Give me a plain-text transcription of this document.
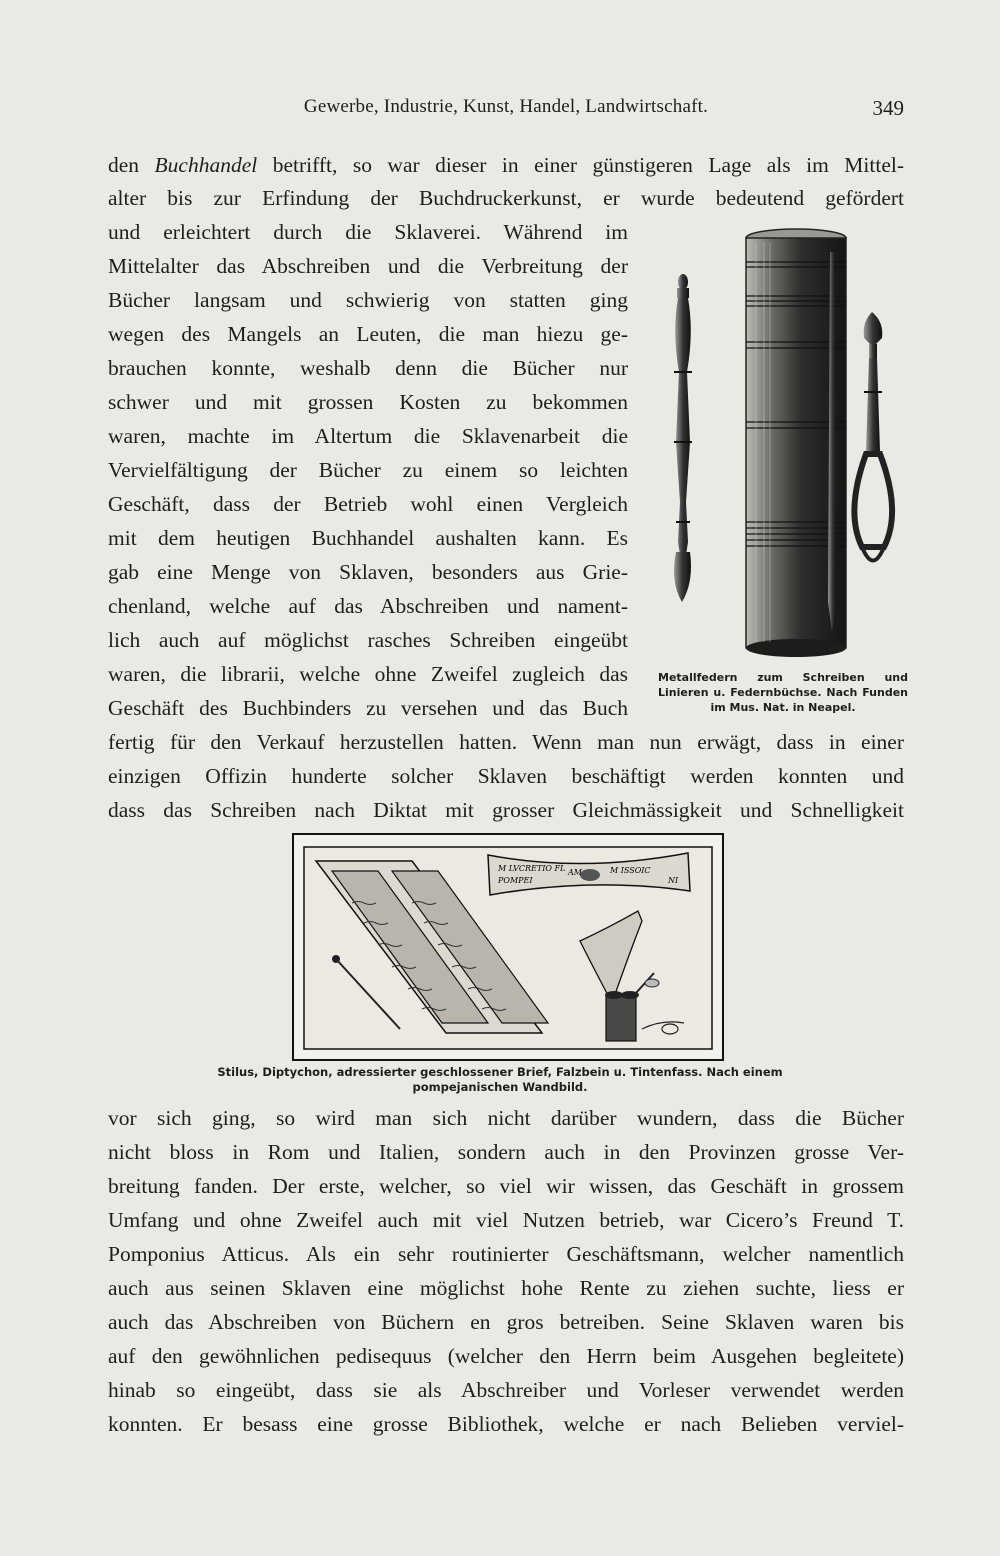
Gewerbe, Industrie, Kunst, Handel, Landwirtschaft.	349
den Buchhandel betrifft, so war dieser in einer günstigeren Lage als im Mittel-
alter bis zur Erfindung der Buchdruckerkunst, er wurde bedeutend gefördert
und erleichtert durch die Sklaverei. Während im
Mittelalter das Abschreiben und die Verbreitung der
Bücher langsam und schwierig von statten ging
wegen des Mangels an Leuten, die man hiezu ge-
brauchen konnte, weshalb denn die Bücher nur
schwer und mit grossen Kosten zu bekommen
waren, machte im Altertum die Sklavenarbeit die
Vervielfältigung der Bücher zu einem so leichten
Geschäft, dass der Betrieb wohl einen Vergleich
mit dem heutigen Buchhandel aushalten kann. Es
gab eine Menge von Sklaven, besonders aus Grie-
chenland, welche auf das Abschreiben und nament-
lich auch auf möglichst rasches Schreiben eingeübt
waren, die librarii, welche ohne Zweifel zugleich das
Geschäft des Buchbinders zu versehen und das Buch
fertig für den Verkauf herzustellen hatten. Wenn man nun erwägt, dass in einer
einzigen Offizin hunderte solcher Sklaven beschäftigt werden konnten und
dass das Schreiben nach Diktat mit grosser Gleichmässigkeit und Schnelligkeit
Metallfedern zum Schreiben und Linieren u. Federnbüchse. Nach Funden im Mus. Nat. in Neapel.
M LVCRETIO FL AM	M ISSOIC
POMPEI	NI
Stilus, Diptychon, adressierter geschlossener Brief, Falzbein u. Tintenfass. Nach einem
pompejanischen Wandbild.
vor sich ging, so wird man sich nicht darüber wundern, dass die Bücher
nicht bloss in Rom und Italien, sondern auch in den Provinzen grosse Ver-
breitung fanden. Der erste, welcher, so viel wir wissen, das Geschäft in grossem
Umfang und ohne Zweifel auch mit viel Nutzen betrieb, war Cicero’s Freund T.
Pomponius Atticus. Als ein sehr routinierter Geschäftsmann, welcher namentlich
auch aus seinen Sklaven eine möglichst hohe Rente zu ziehen suchte, liess er
auch das Abschreiben von Büchern en gros betreiben. Seine Sklaven waren bis
auf den gewöhnlichen pedisequus (welcher den Herrn beim Ausgehen begleitete)
hinab so eingeübt, dass sie als Abschreiber und Vorleser verwendet werden
konnten. Er besass eine grosse Bibliothek, welche er nach Belieben verviel-
